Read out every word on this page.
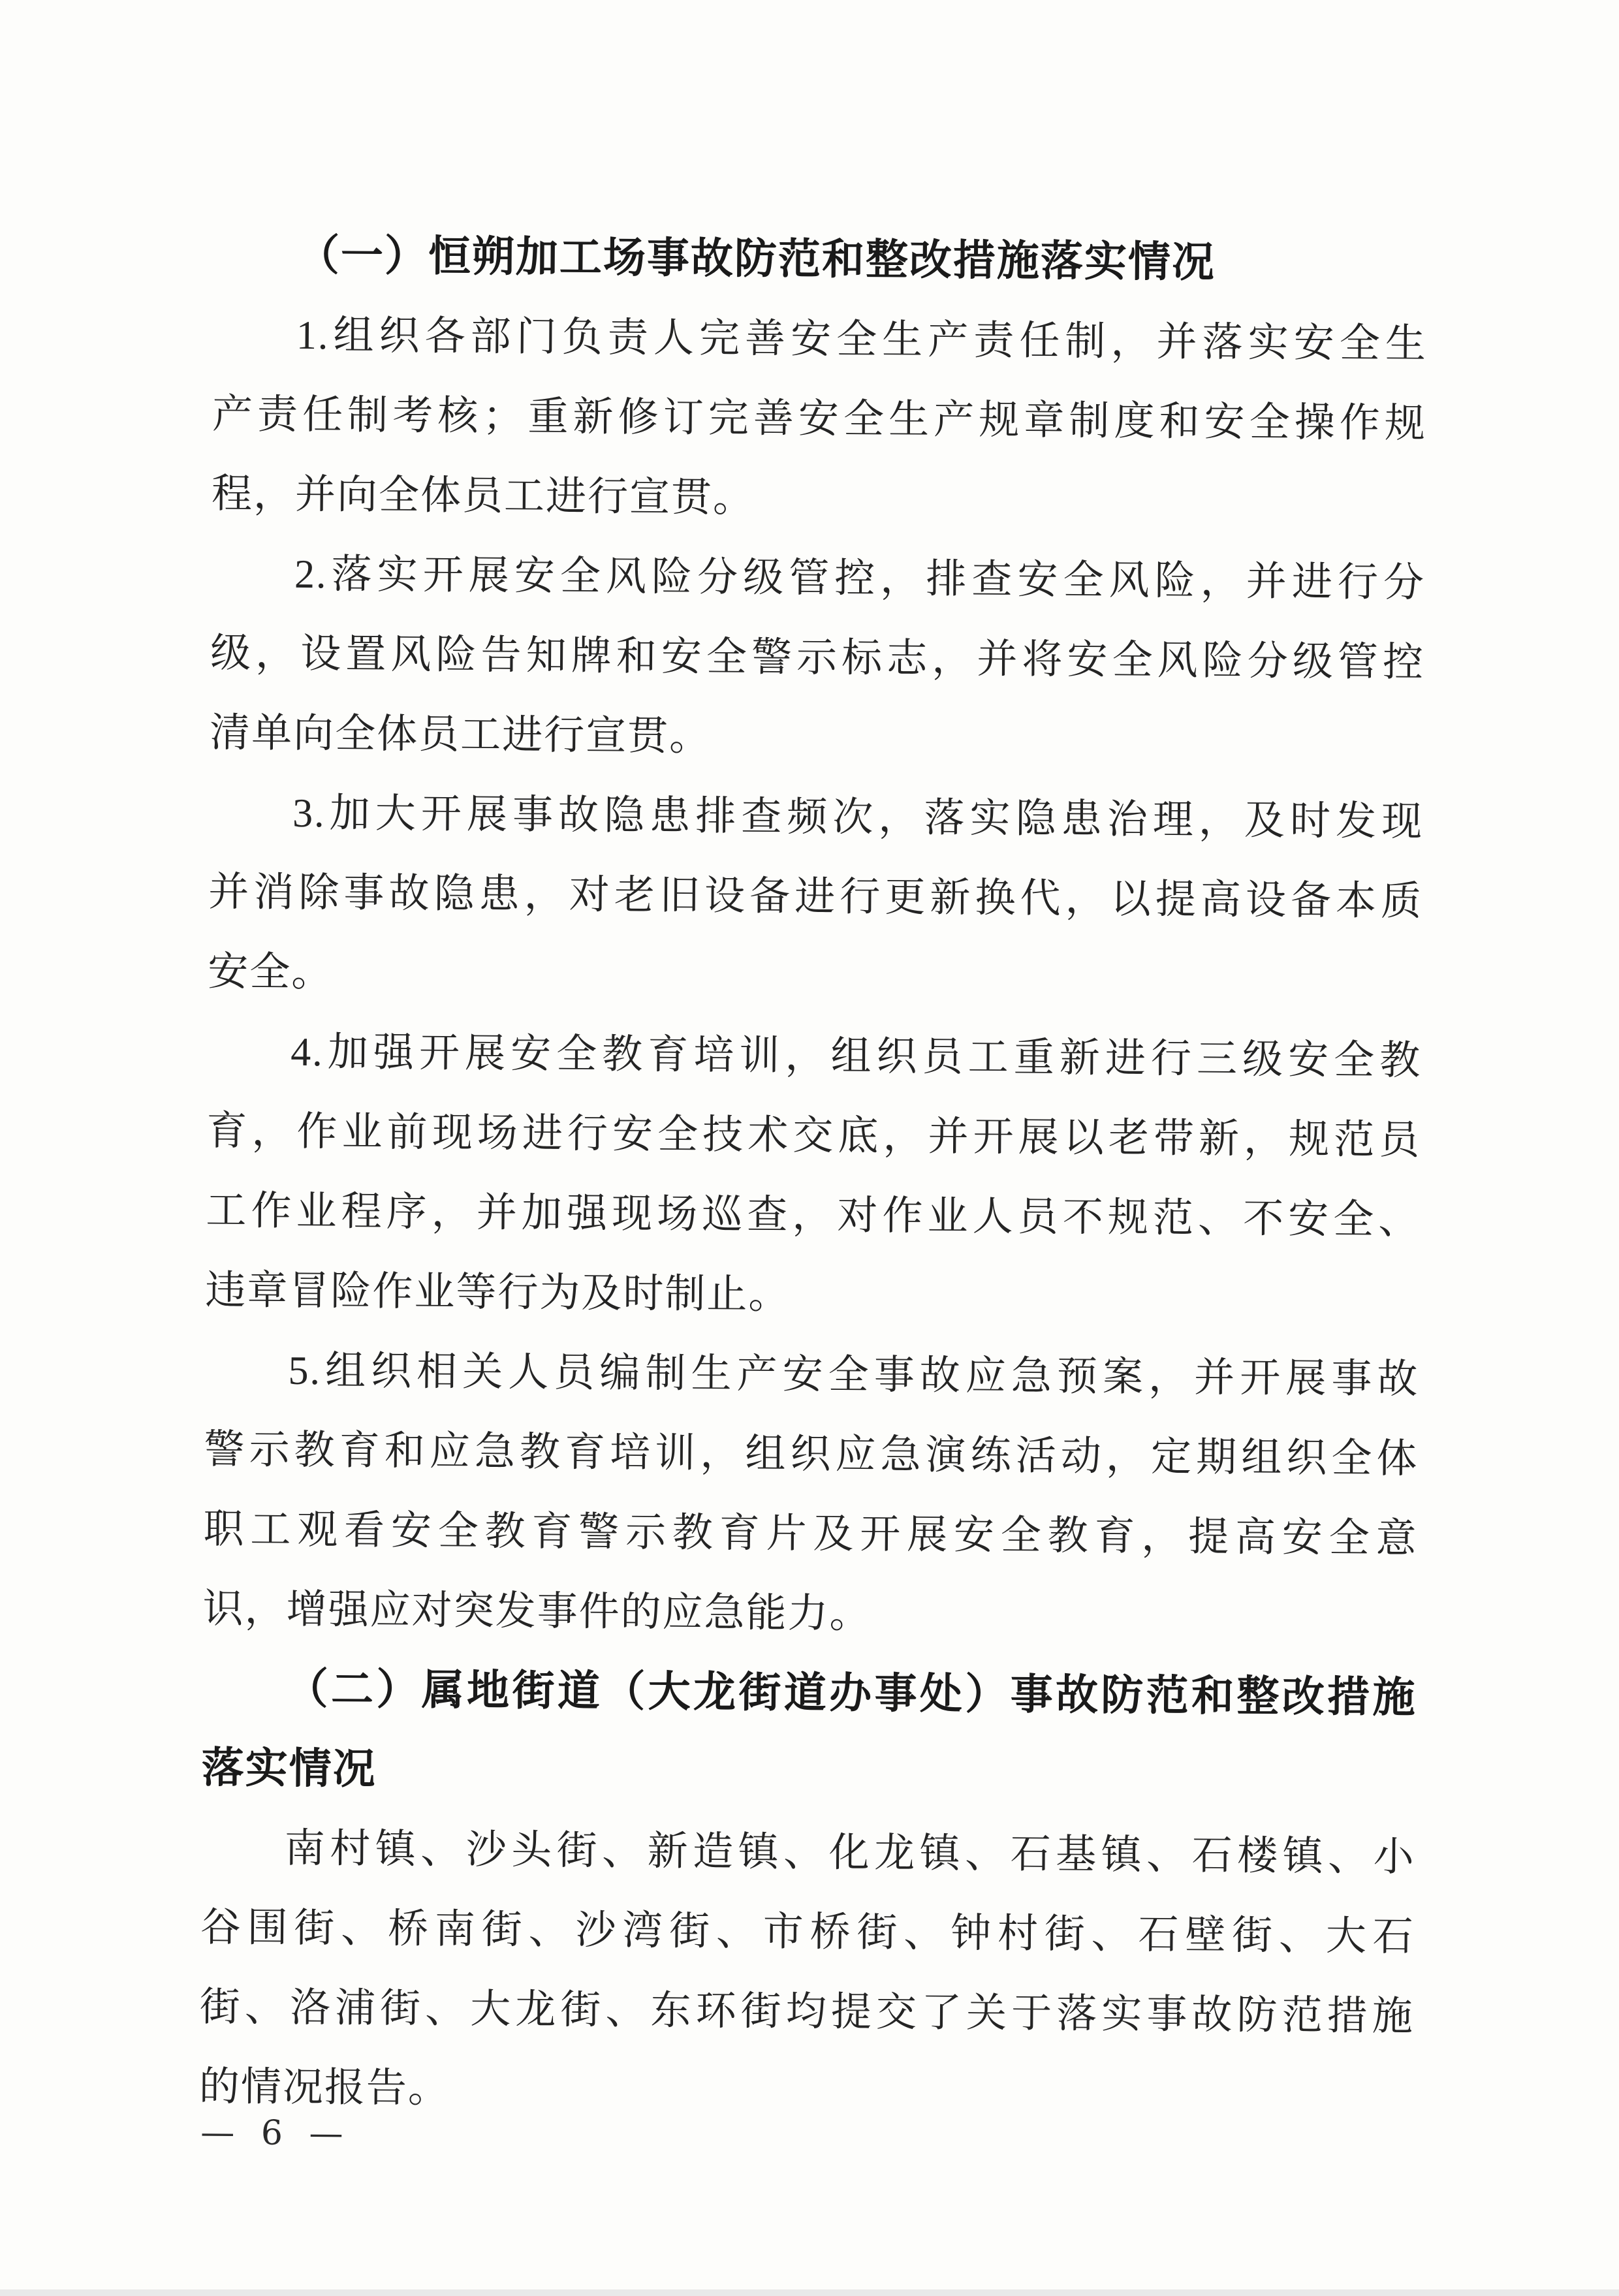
（一）恒朔加工场事故防范和整改措施落实情况
1.组织各部门负责人完善安全生产责任制，并落实安全生
产责任制考核；重新修订完善安全生产规章制度和安全操作规
程，并向全体员工进行宣贯。
2.落实开展安全风险分级管控，排查安全风险，并进行分
级，设置风险告知牌和安全警示标志，并将安全风险分级管控
清单向全体员工进行宣贯。
3.加大开展事故隐患排查频次，落实隐患治理，及时发现
并消除事故隐患，对老旧设备进行更新换代，以提高设备本质
安全。
4.加强开展安全教育培训，组织员工重新进行三级安全教
育，作业前现场进行安全技术交底，并开展以老带新，规范员
工作业程序，并加强现场巡查，对作业人员不规范、不安全、
违章冒险作业等行为及时制止。
5.组织相关人员编制生产安全事故应急预案，并开展事故
警示教育和应急教育培训，组织应急演练活动，定期组织全体
职工观看安全教育警示教育片及开展安全教育，提高安全意
识，增强应对突发事件的应急能力。
（二）属地街道（大龙街道办事处）事故防范和整改措施
落实情况
南村镇、沙头街、新造镇、化龙镇、石基镇、石楼镇、小
谷围街、桥南街、沙湾街、市桥街、钟村街、石壁街、大石
街、洛浦街、大龙街、东环街均提交了关于落实事故防范措施
的情况报告。
— 6 —
